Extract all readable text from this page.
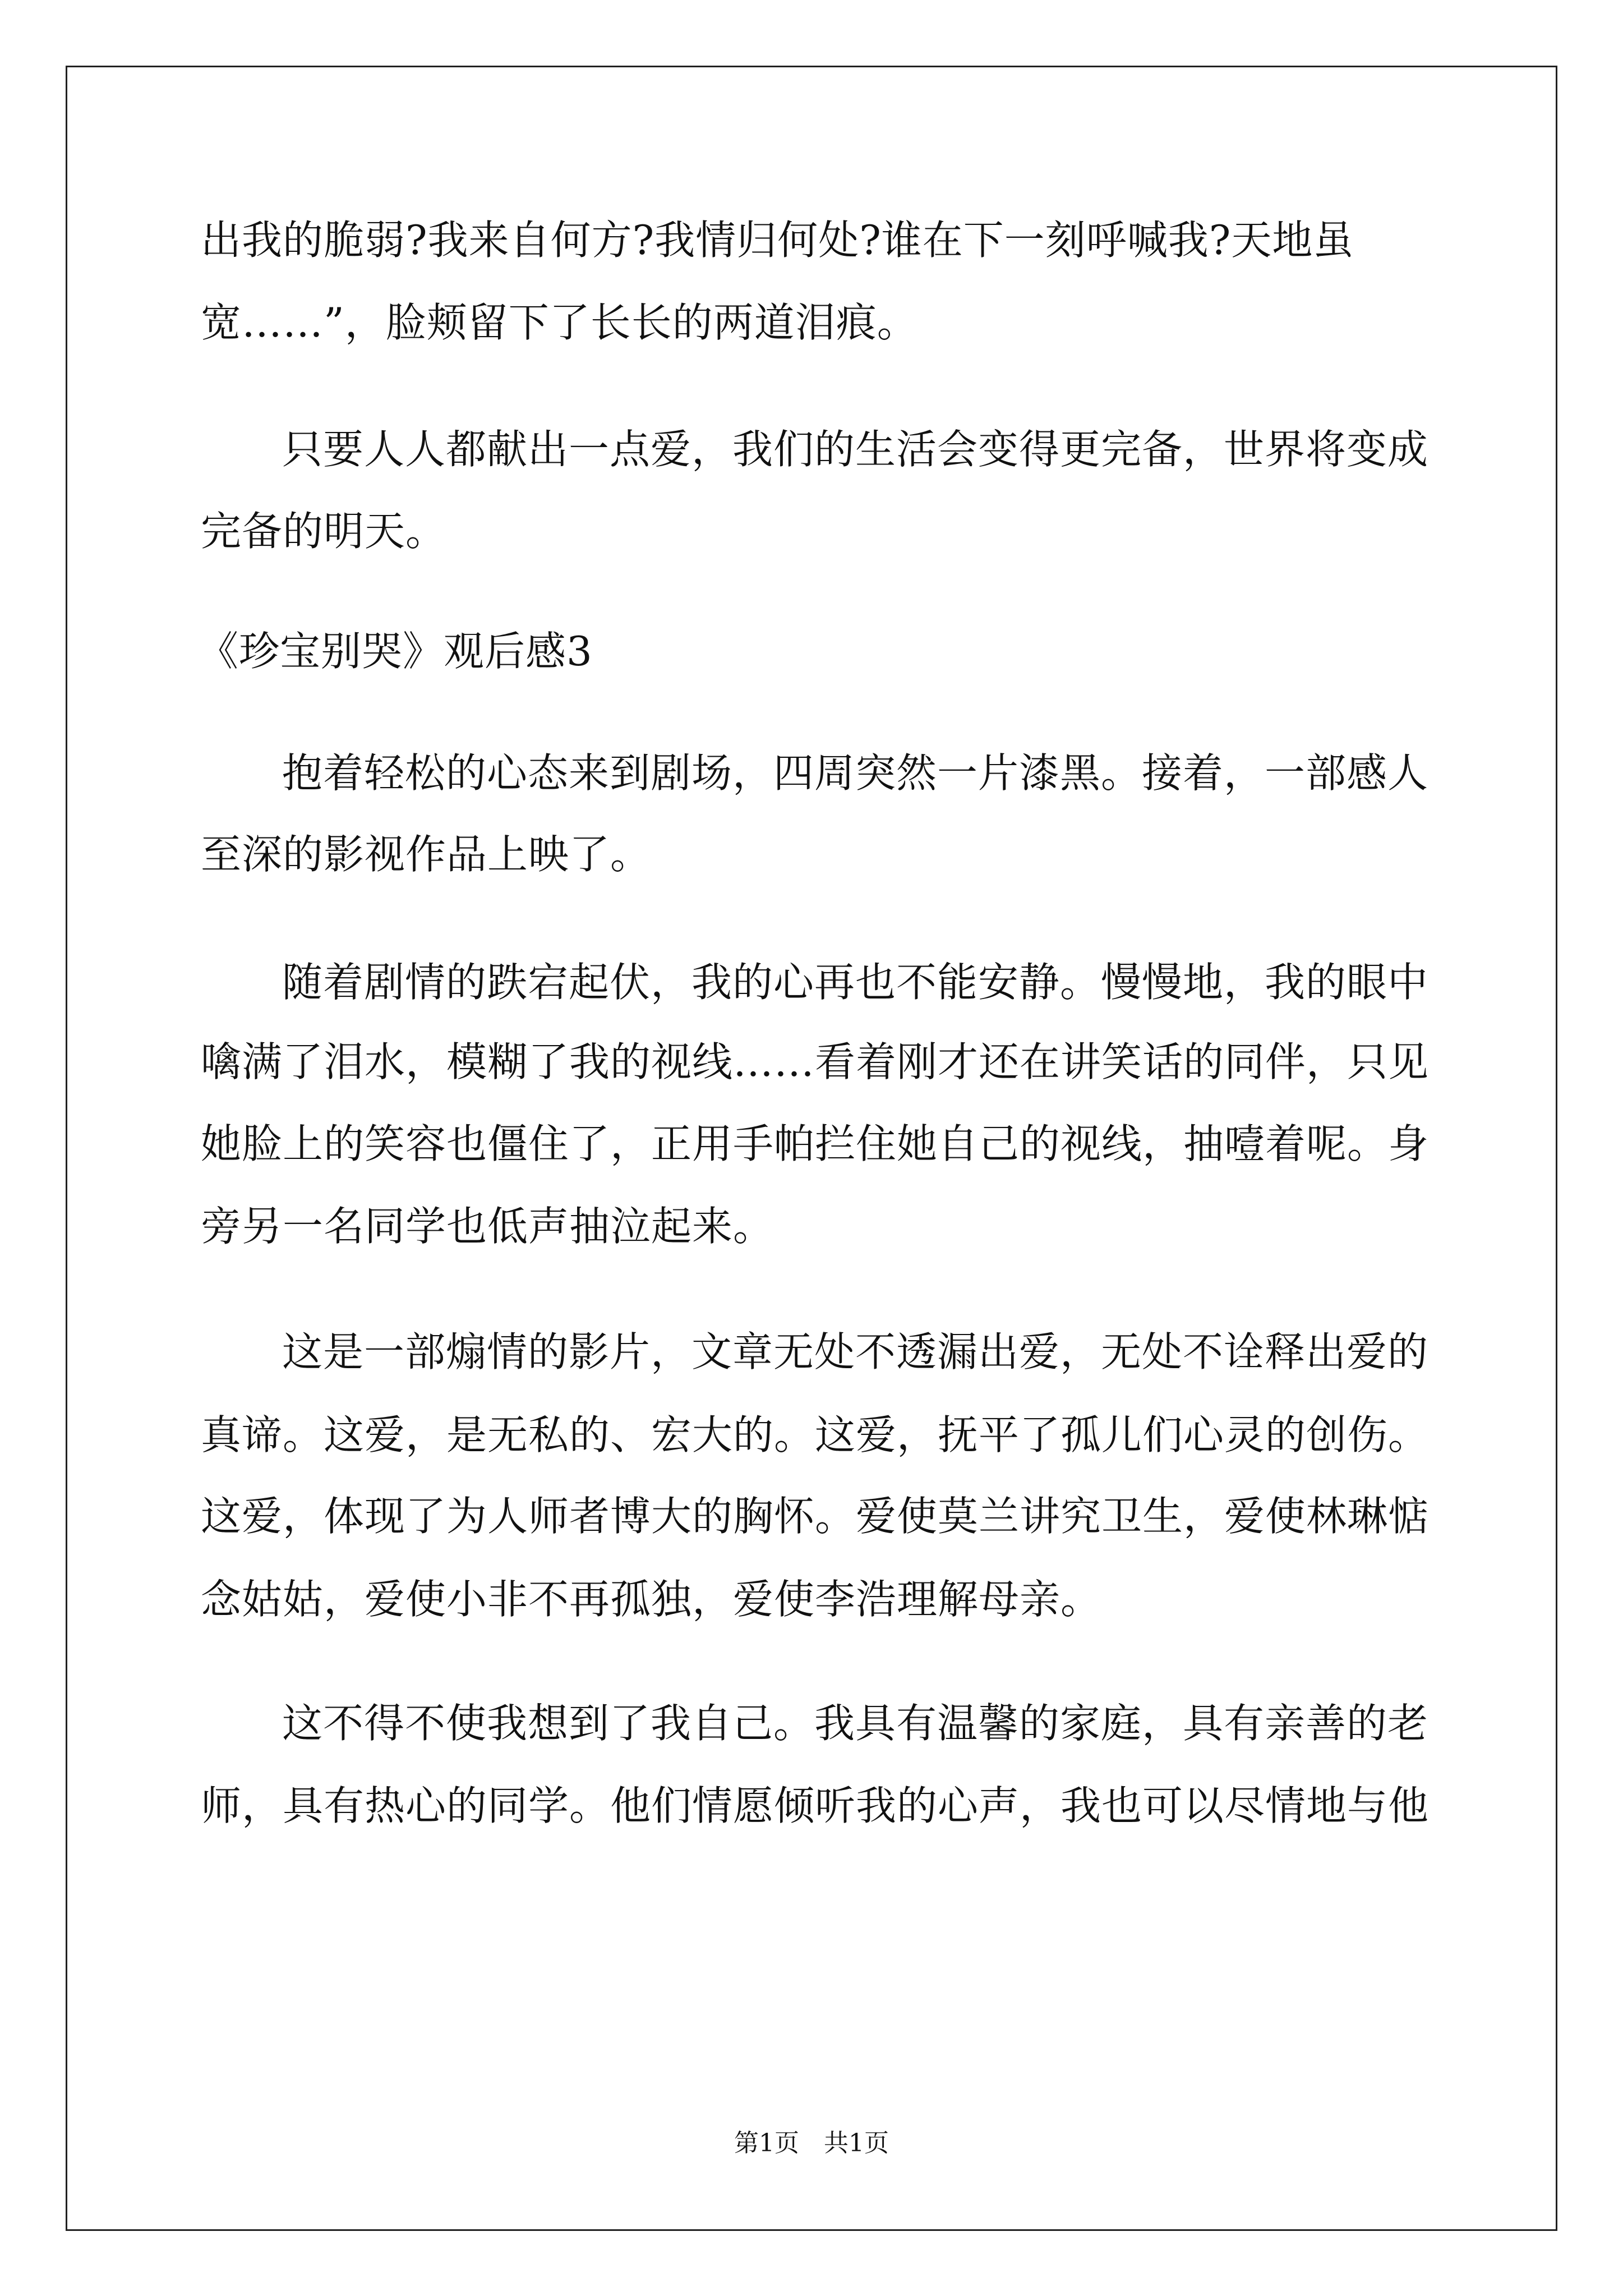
出我的脆弱?我来自何方?我情归何处?谁在下一刻呼喊我?天地虽

宽……”，脸颊留下了长长的两道泪痕。

只要人人都献出一点爱，我们的生活会变得更完备，世界将变成

完备的明天。

《珍宝别哭》观后感3

抱着轻松的心态来到剧场，四周突然一片漆黑。接着，一部感人

至深的影视作品上映了。

随着剧情的跌宕起伏，我的心再也不能安静。慢慢地，我的眼中

噙满了泪水，模糊了我的视线……看着刚才还在讲笑话的同伴，只见

她脸上的笑容也僵住了，正用手帕拦住她自己的视线，抽噎着呢。身

旁另一名同学也低声抽泣起来。

这是一部煽情的影片，文章无处不透漏出爱，无处不诠释出爱的

真谛。这爱，是无私的、宏大的。这爱，抚平了孤儿们心灵的创伤。

这爱，体现了为人师者博大的胸怀。爱使莫兰讲究卫生，爱使林琳惦

念姑姑，爱使小非不再孤独，爱使李浩理解母亲。

这不得不使我想到了我自己。我具有温馨的家庭，具有亲善的老

师，具有热心的同学。他们情愿倾听我的心声，我也可以尽情地与他

第1页　共1页
